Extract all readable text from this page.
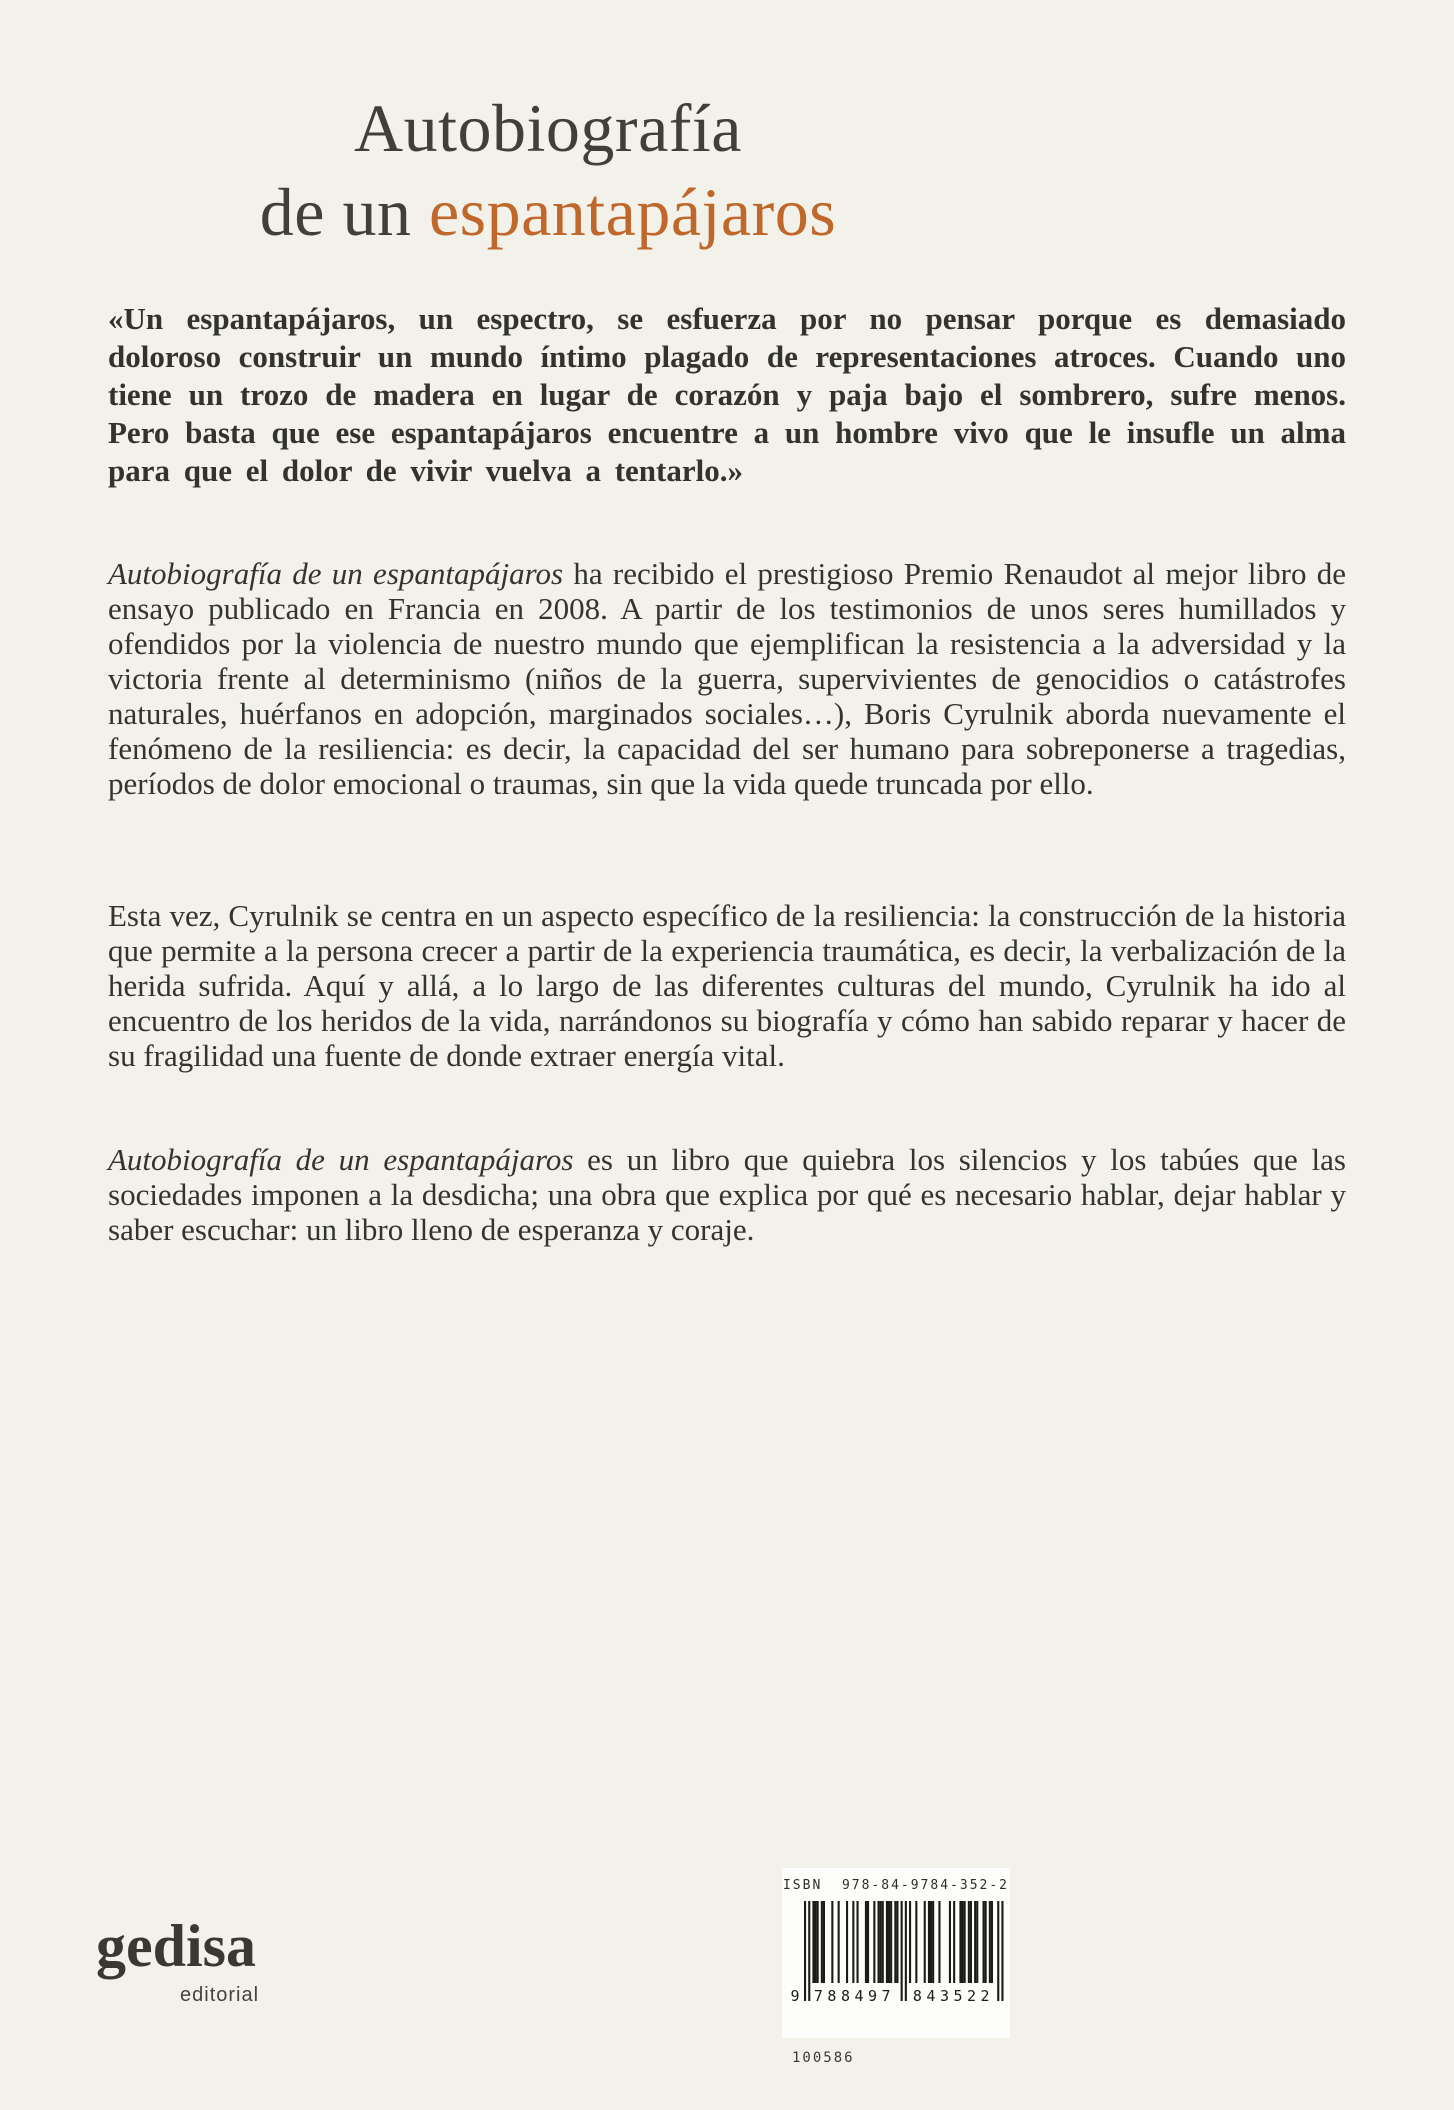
Autobiografía
de un espantapájaros
«Un espantapájaros, un espectro, se esfuerza por no pensar porque es demasiado doloroso construir un mundo íntimo plagado de representaciones atroces. Cuando uno tiene un trozo de madera en lugar de corazón y paja bajo el sombrero, sufre menos. Pero basta que ese espantapájaros encuentre a un hombre vivo que le insufle un alma para que el dolor de vivir vuelva a tentarlo.»
Autobiografía de un espantapájaros ha recibido el prestigioso Premio Renaudot al mejor libro de ensayo publicado en Francia en 2008. A partir de los testimonios de unos seres humillados y ofendidos por la violencia de nuestro mundo que ejemplifican la resistencia a la adversidad y la victoria frente al determinismo (niños de la guerra, supervivientes de genocidios o catástrofes naturales, huérfanos en adopción, marginados sociales…), Boris Cyrulnik aborda nuevamente el fenómeno de la resiliencia: es decir, la capacidad del ser humano para sobreponerse a tragedias, períodos de dolor emocional o traumas, sin que la vida quede truncada por ello.
Esta vez, Cyrulnik se centra en un aspecto específico de la resiliencia: la construcción de la historia que permite a la persona crecer a partir de la experiencia traumática, es decir, la verbalización de la herida sufrida. Aquí y allá, a lo largo de las diferentes culturas del mundo, Cyrulnik ha ido al encuentro de los heridos de la vida, narrándonos su biografía y cómo han sabido reparar y hacer de su fragilidad una fuente de donde extraer energía vital.
Autobiografía de un espantapájaros es un libro que quiebra los silencios y los tabúes que las sociedades imponen a la desdicha; una obra que explica por qué es necesario hablar, dejar hablar y saber escuchar: un libro lleno de esperanza y coraje.
gedisa
editorial
ISBN  978-84-9784-352-2
9 788497 843522
100586
